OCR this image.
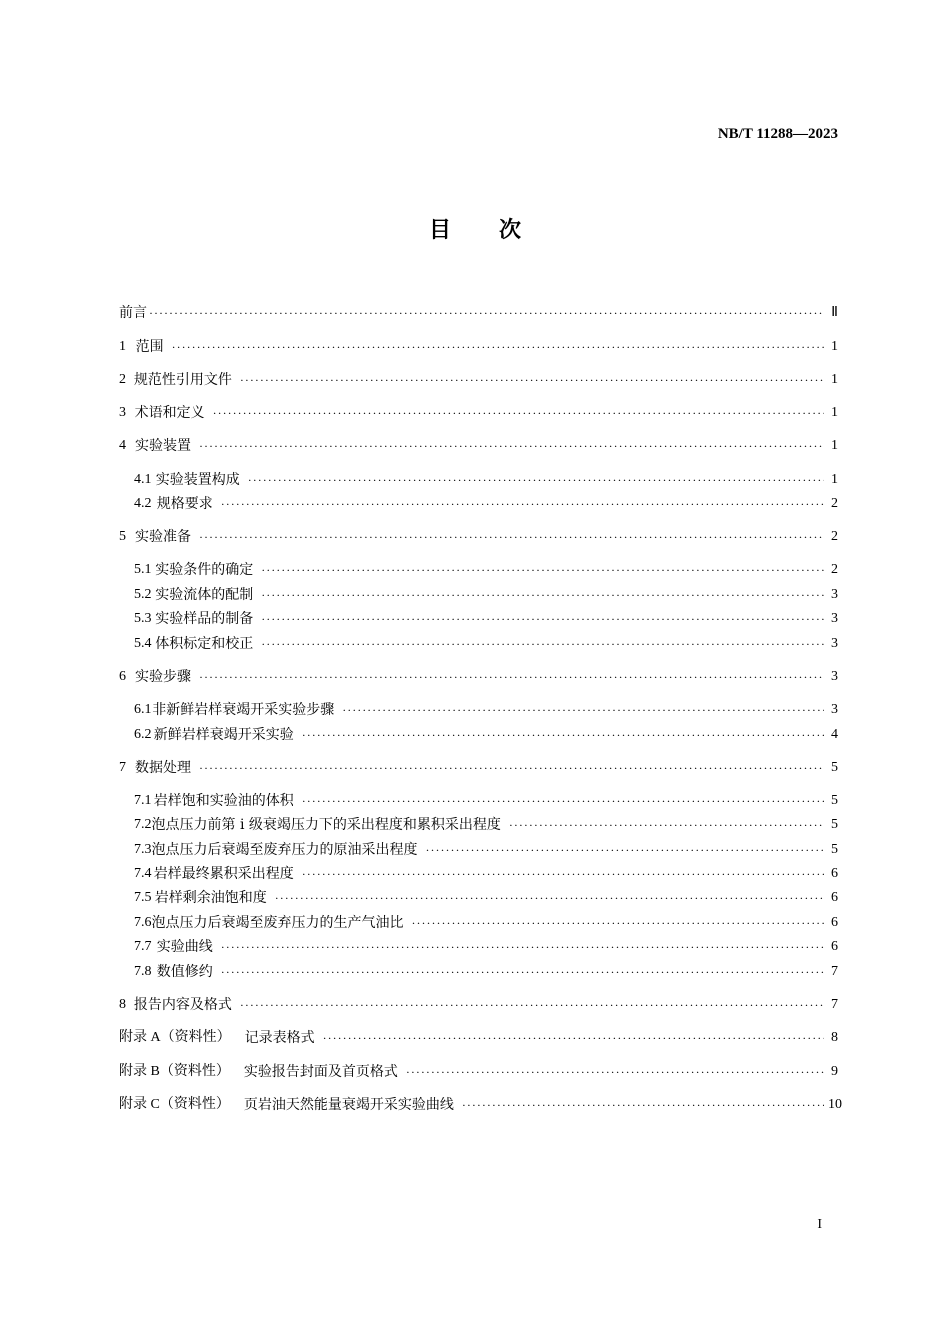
NB/T 11288—2023
目次
前言 ·····	Ⅱ
1 范围 ·····	1
2 规范性引用文件 ·····	1
3 术语和定义 ·····	1
4 实验装置 ·····	1
4.1 实验装置构成 ·····	1
4.2 规格要求 ·····	2
5 实验准备 ·····	2
5.1 实验条件的确定 ·····	2
5.2 实验流体的配制 ·····	3
5.3 实验样品的制备 ·····	3
5.4 体积标定和校正 ·····	3
6 实验步骤 ·····	3
6.1 非新鲜岩样衰竭开采实验步骤 ·····	3
6.2 新鲜岩样衰竭开采实验 ·····	4
7 数据处理 ·····	5
7.1 岩样饱和实验油的体积 ·····	5
7.2 泡点压力前第 i 级衰竭压力下的采出程度和累积采出程度 ·····	5
7.3 泡点压力后衰竭至废弃压力的原油采出程度 ·····	5
7.4 岩样最终累积采出程度 ·····	6
7.5 岩样剩余油饱和度 ·····	6
7.6 泡点压力后衰竭至废弃压力的生产气油比 ·····	6
7.7 实验曲线 ·····	6
7.8 数值修约 ·····	7
8 报告内容及格式 ·····	7
附录 A（资料性） 记录表格式 ·····	8
附录 B（资料性） 实验报告封面及首页格式 ·····	9
附录 C（资料性） 页岩油天然能量衰竭开采实验曲线 ·····	10
I
